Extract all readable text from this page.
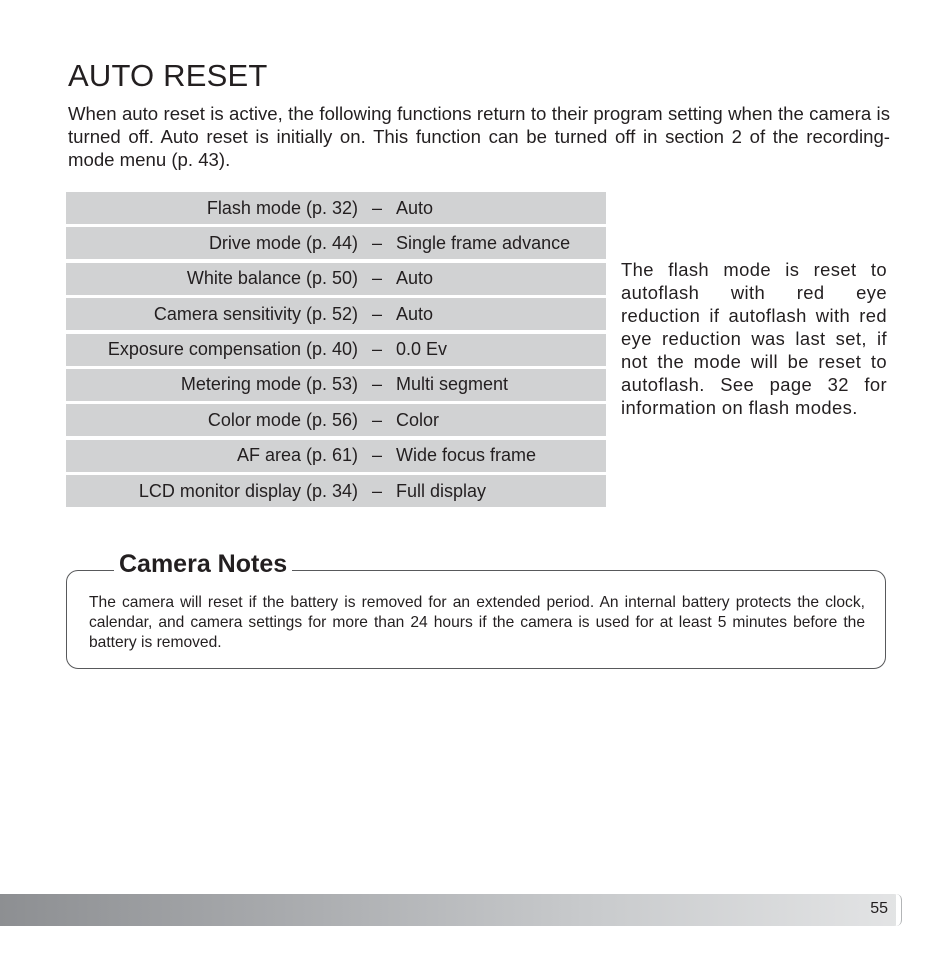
AUTO RESET

When auto reset is active, the following functions return to their program setting when the camera is turned off. Auto reset is initially on. This function can be turned off in section 2 of the recording-mode menu (p. 43).

Flash mode (p. 32) – Auto
Drive mode (p. 44) – Single frame advance
White balance (p. 50) – Auto
Camera sensitivity (p. 52) – Auto
Exposure compensation (p. 40) – 0.0 Ev
Metering mode (p. 53) – Multi segment
Color mode (p. 56) – Color
AF area (p. 61) – Wide focus frame
LCD monitor display (p. 34) – Full display

The flash mode is reset to autoflash with red eye reduction if autoflash with red eye reduction was last set, if not the mode will be reset to autoflash. See page 32 for information on flash modes.

Camera Notes

The camera will reset if the battery is removed for an extended period. An internal battery protects the clock, calendar, and camera settings for more than 24 hours if the camera is used for at least 5 minutes before the battery is removed.

55
